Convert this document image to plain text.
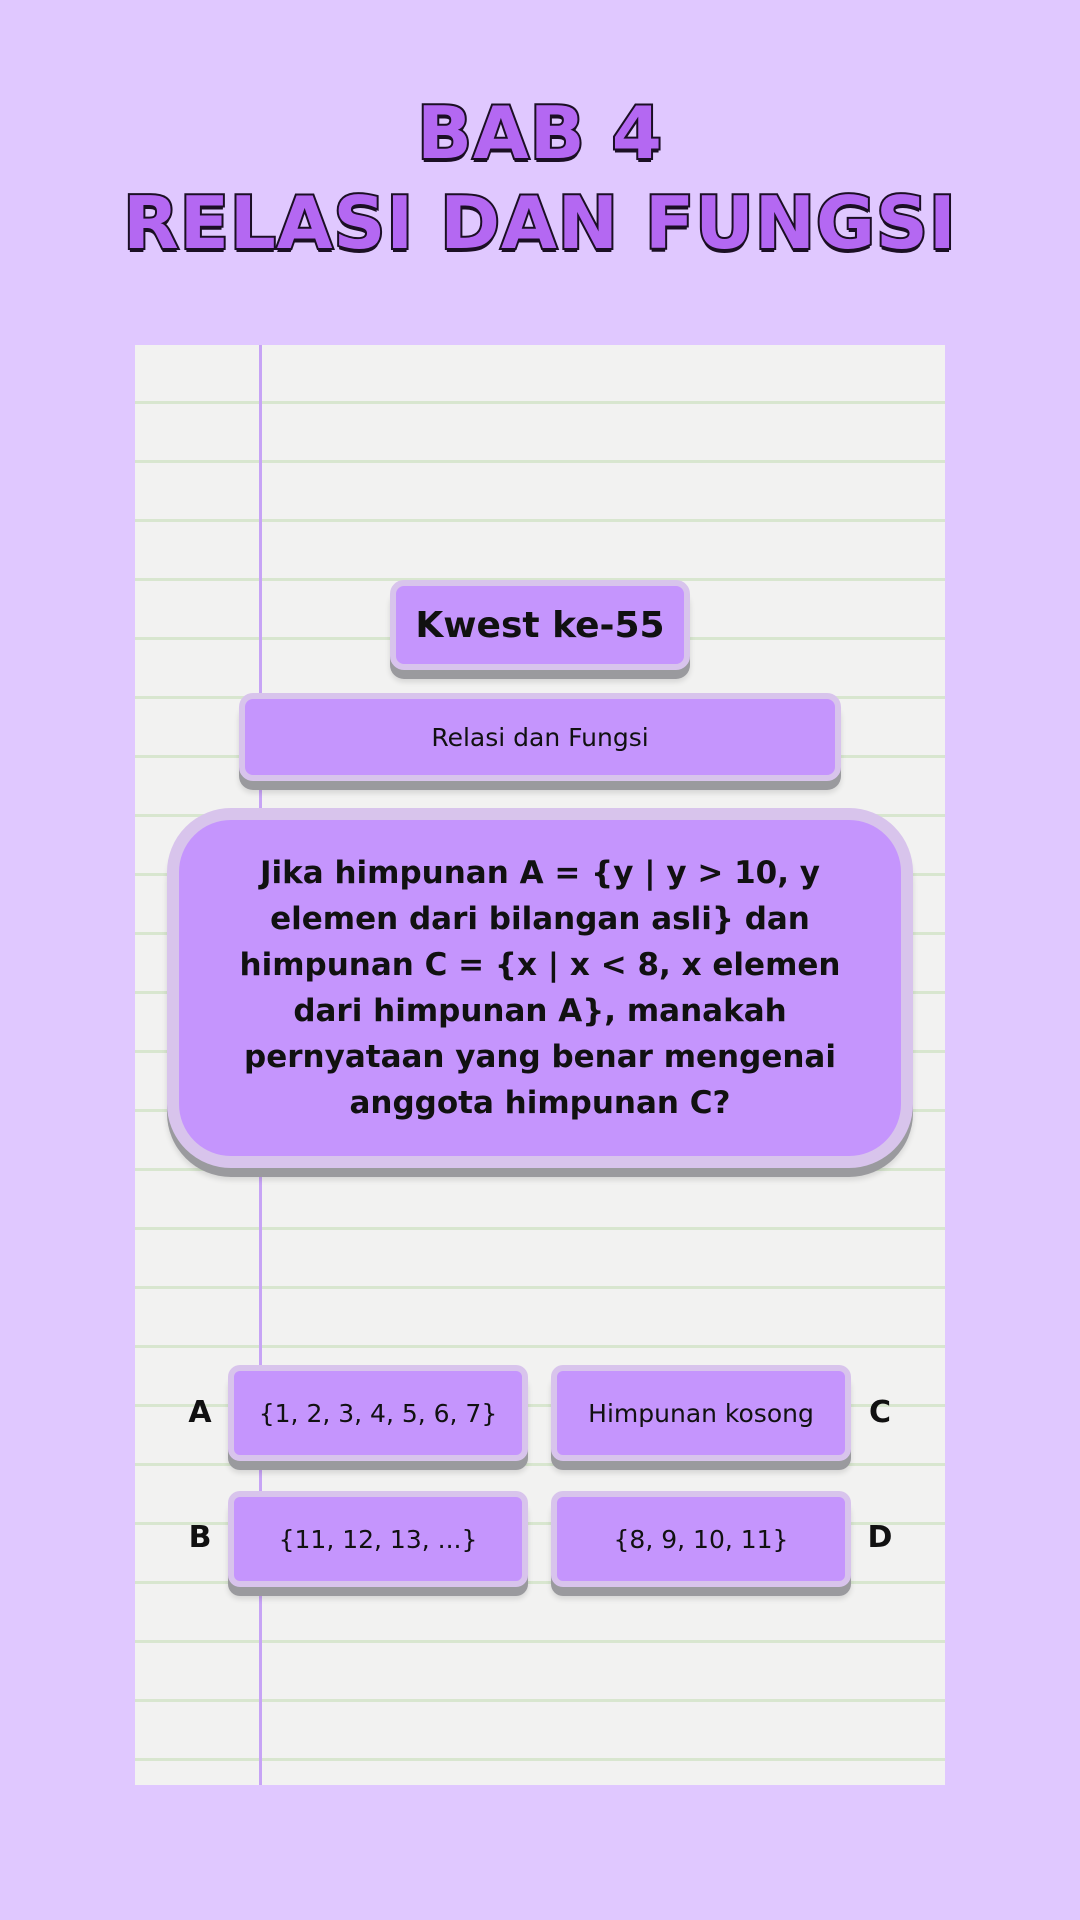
BAB 4
RELASI DAN FUNGSI
Kwest ke-55
Relasi dan Fungsi
Jika himpunan A = {y | y > 10, y elemen dari bilangan asli} dan himpunan C = {x | x < 8, x elemen dari himpunan A}, manakah pernyataan yang benar mengenai anggota himpunan C?
A	{1, 2, 3, 4, 5, 6, 7}	Himpunan kosong	C
B	{11, 12, 13, ...}	{8, 9, 10, 11}	D
